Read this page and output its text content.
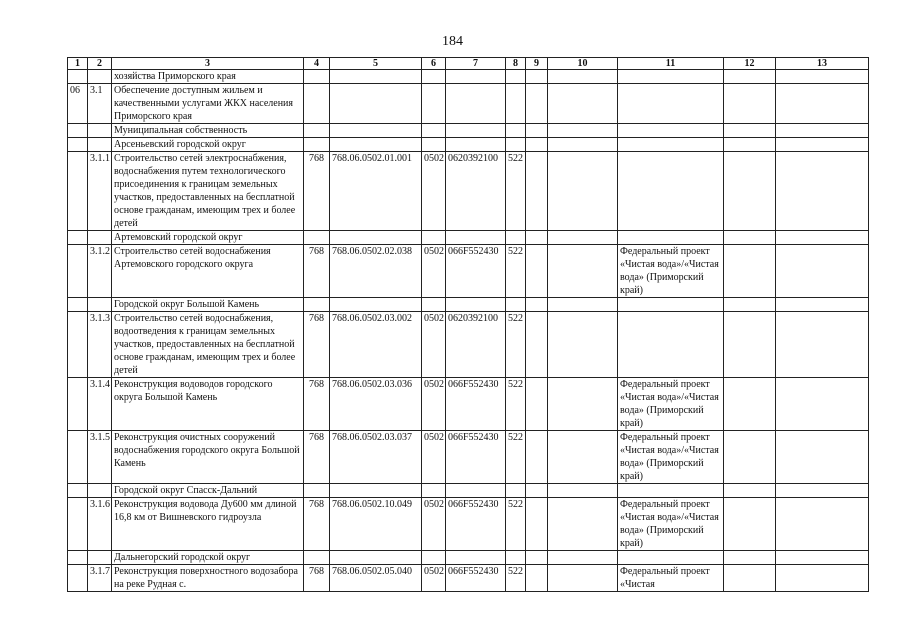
184
1	2	3	4	5	6	7	8	9	10	11	12	13
		хозяйства Приморского края										
06	3.1	Обеспечение доступным жильем и качественными услугами ЖКХ населения Приморского края										
		Муниципальная собственность										
		Арсеньевский городской округ										
	3.1.1	Строительство сетей электроснабжения, водоснабжения путем технологического присоединения к границам земельных участков, предоставленных на бесплатной основе гражданам, имеющим трех и более детей	768	768.06.0502.01.001	0502	0620392100	522					
		Артемовский городской округ										
	3.1.2	Строительство сетей водоснабжения Артемовского городского округа	768	768.06.0502.02.038	0502	066F552430	522			Федеральный проект «Чистая вода»/«Чистая вода» (Приморский край)		
		Городской округ Большой Камень										
	3.1.3	Строительство сетей водоснабжения, водоотведения к границам земельных участков, предоставленных на бесплатной основе гражданам, имеющим трех и более детей	768	768.06.0502.03.002	0502	0620392100	522					
	3.1.4	Реконструкция водоводов городского округа Большой Камень	768	768.06.0502.03.036	0502	066F552430	522			Федеральный проект «Чистая вода»/«Чистая вода» (Приморский край)		
	3.1.5	Реконструкция очистных сооружений водоснабжения городского округа Большой Камень	768	768.06.0502.03.037	0502	066F552430	522			Федеральный проект «Чистая вода»/«Чистая вода» (Приморский край)		
		Городской округ Спасск-Дальний										
	3.1.6	Реконструкция водовода Ду600 мм длиной 16,8 км от Вишневского гидроузла	768	768.06.0502.10.049	0502	066F552430	522			Федеральный проект «Чистая вода»/«Чистая вода» (Приморский край)		
		Дальнегорский городской округ										
	3.1.7	Реконструкция поверхностного водозабора на реке Рудная с.	768	768.06.0502.05.040	0502	066F552430	522			Федеральный проект «Чистая		
